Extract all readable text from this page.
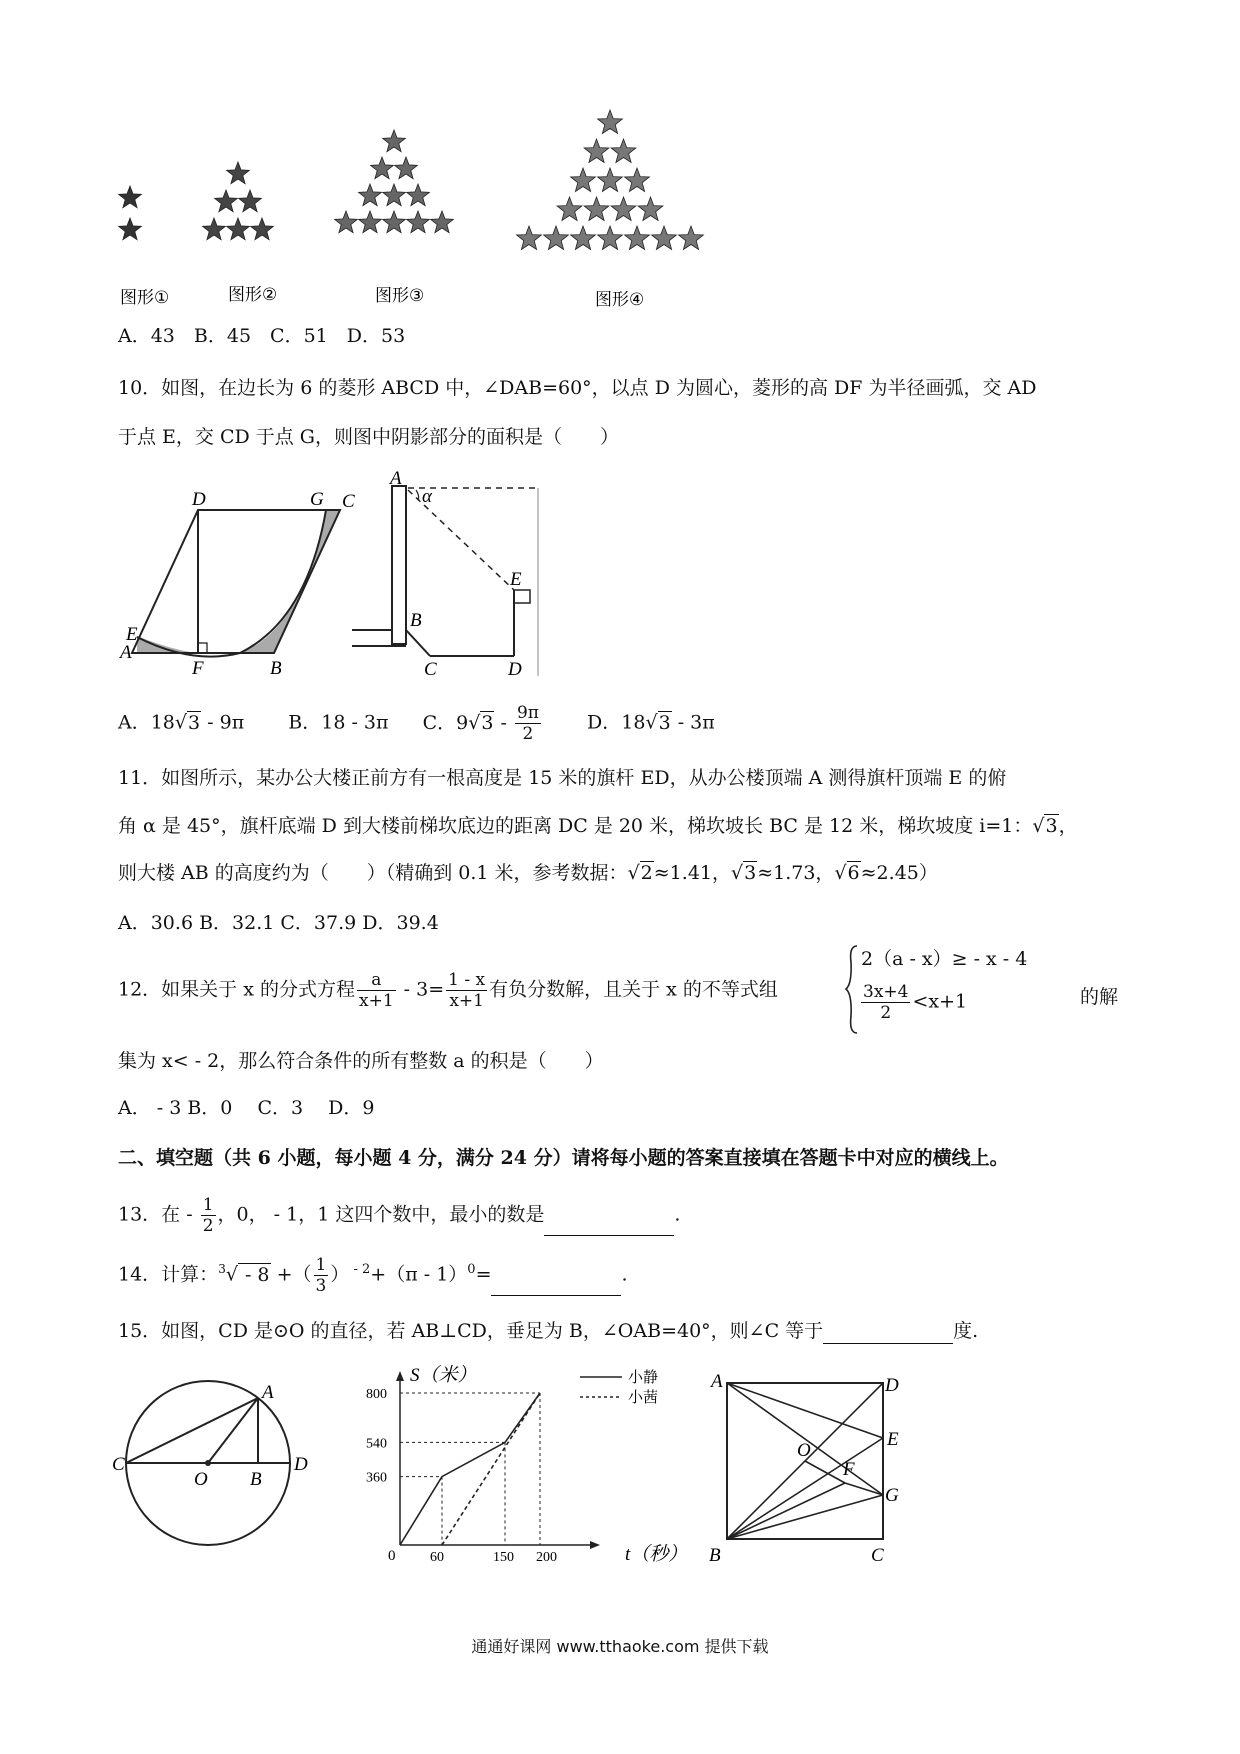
图形①	图形②	图形③	图形④
A．43　B．45　C．51　D．53
10．如图，在边长为 6 的菱形 ABCD 中，∠DAB=60°，以点 D 为圆心，菱形的高 DF 为半径画弧，交 AD
于点 E，交 CD 于点 G，则图中阴影部分的面积是（　　）
D	G C
E
A
F	B
A
α
E
B
C	D
A．18√3 - 9π B．18 - 3π C．$9√3 - \frac{9\pi}{2}$ D．18√3 - 3π
11．如图所示，某办公大楼正前方有一根高度是 15 米的旗杆 ED，从办公楼顶端 A 测得旗杆顶端 E 的俯
角 α 是 45°，旗杆底端 D 到大楼前梯坎底边的距离 DC 是 20 米，梯坎坡长 BC 是 12 米，梯坎坡度 i=1：√3，
则大楼 AB 的高度约为（　　）（精确到 0.1 米，参考数据：√2≈1.41，√3≈1.73，√6≈2.45）
A．30.6 B．32.1 C．37.9 D．39.4
12．如果关于 x 的分式方程 $\frac{a}{x+1} - 3= \frac{1 - x}{x+1}$ 有负分数解，且关于 x 的不等式组
2（a - x）≥ - x - 4
$\frac{3x+4}{2} <x+1$	的解
集为 x< - 2，那么符合条件的所有整数 a 的积是（　　）
A． - 3 B．0　 C．3　 D．9
二、填空题（共 6 小题，每小题 4 分，满分 24 分）请将每小题的答案直接填在答题卡中对应的横线上。
13．在 - $\frac{1}{2}$ ，0， - 1，1 这四个数中，最小的数是	.
14．计算：$^3$√ - 8 +（ $\frac{1}{3}$ ） $^{- 2}$+（π - 1）$^0$=	.
15．如图，CD 是⊙O 的直径，若 AB⊥CD，垂足为 B，∠OAB=40°，则∠C 等于	度.
A
C	D
O B
S（米）
t（秒）
0
小静
小茜
800
540
360
60	150 200
A	D
E
O
F
G
B	C
通通好课网 www.tthaoke.com 提供下载
